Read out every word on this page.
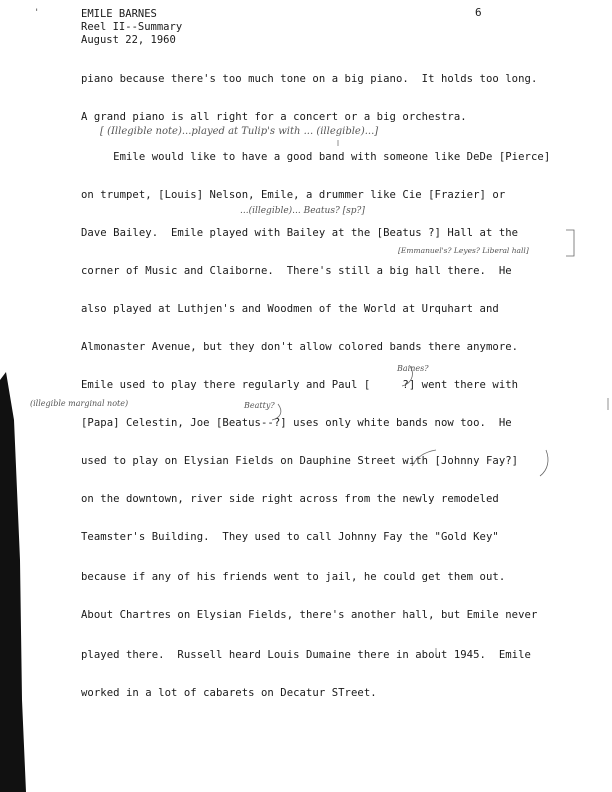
'	EMILE BARNES
Reel II--Summary
August 22, 1960
6
piano because there's too much tone on a big piano.  It holds too long.
A grand piano is all right for a concert or a big orchestra.
Emile would like to have a good band with someone like DeDe [Pierce]
on trumpet, [Louis] Nelson, Emile, a drummer like Cie [Frazier] or
Dave Bailey.  Emile played with Bailey at the [Beatus ?] Hall at the
corner of Music and Claiborne.  There's still a big hall there.  He
also played at Luthjen's and Woodmen of the World at Urquhart and
Almonaster Avenue, but they don't allow colored bands there anymore.
Emile used to play there regularly and Paul [     ?] went there with
[Papa] Celestin, Joe [Beatus--?] uses only white bands now too.  He
used to play on Elysian Fields on Dauphine Street with [Johnny Fay?]
on the downtown, river side right across from the newly remodeled
Teamster's Building.  They used to call Johnny Fay the "Gold Key"
because if any of his friends went to jail, he could get them out.
About Chartres on Elysian Fields, there's another hall, but Emile never
played there.  Russell heard Louis Dumaine there in about 1945.  Emile
worked in a lot of cabarets on Decatur STreet.
[ (Illegible note)...played at Tulip's with ... (illegible)...]
...(illegible)... Beatus? [sp?]
[Emmanuel's? Leyes? Liberal hall]
Baines?
Beatty?
(illegible marginal note)
